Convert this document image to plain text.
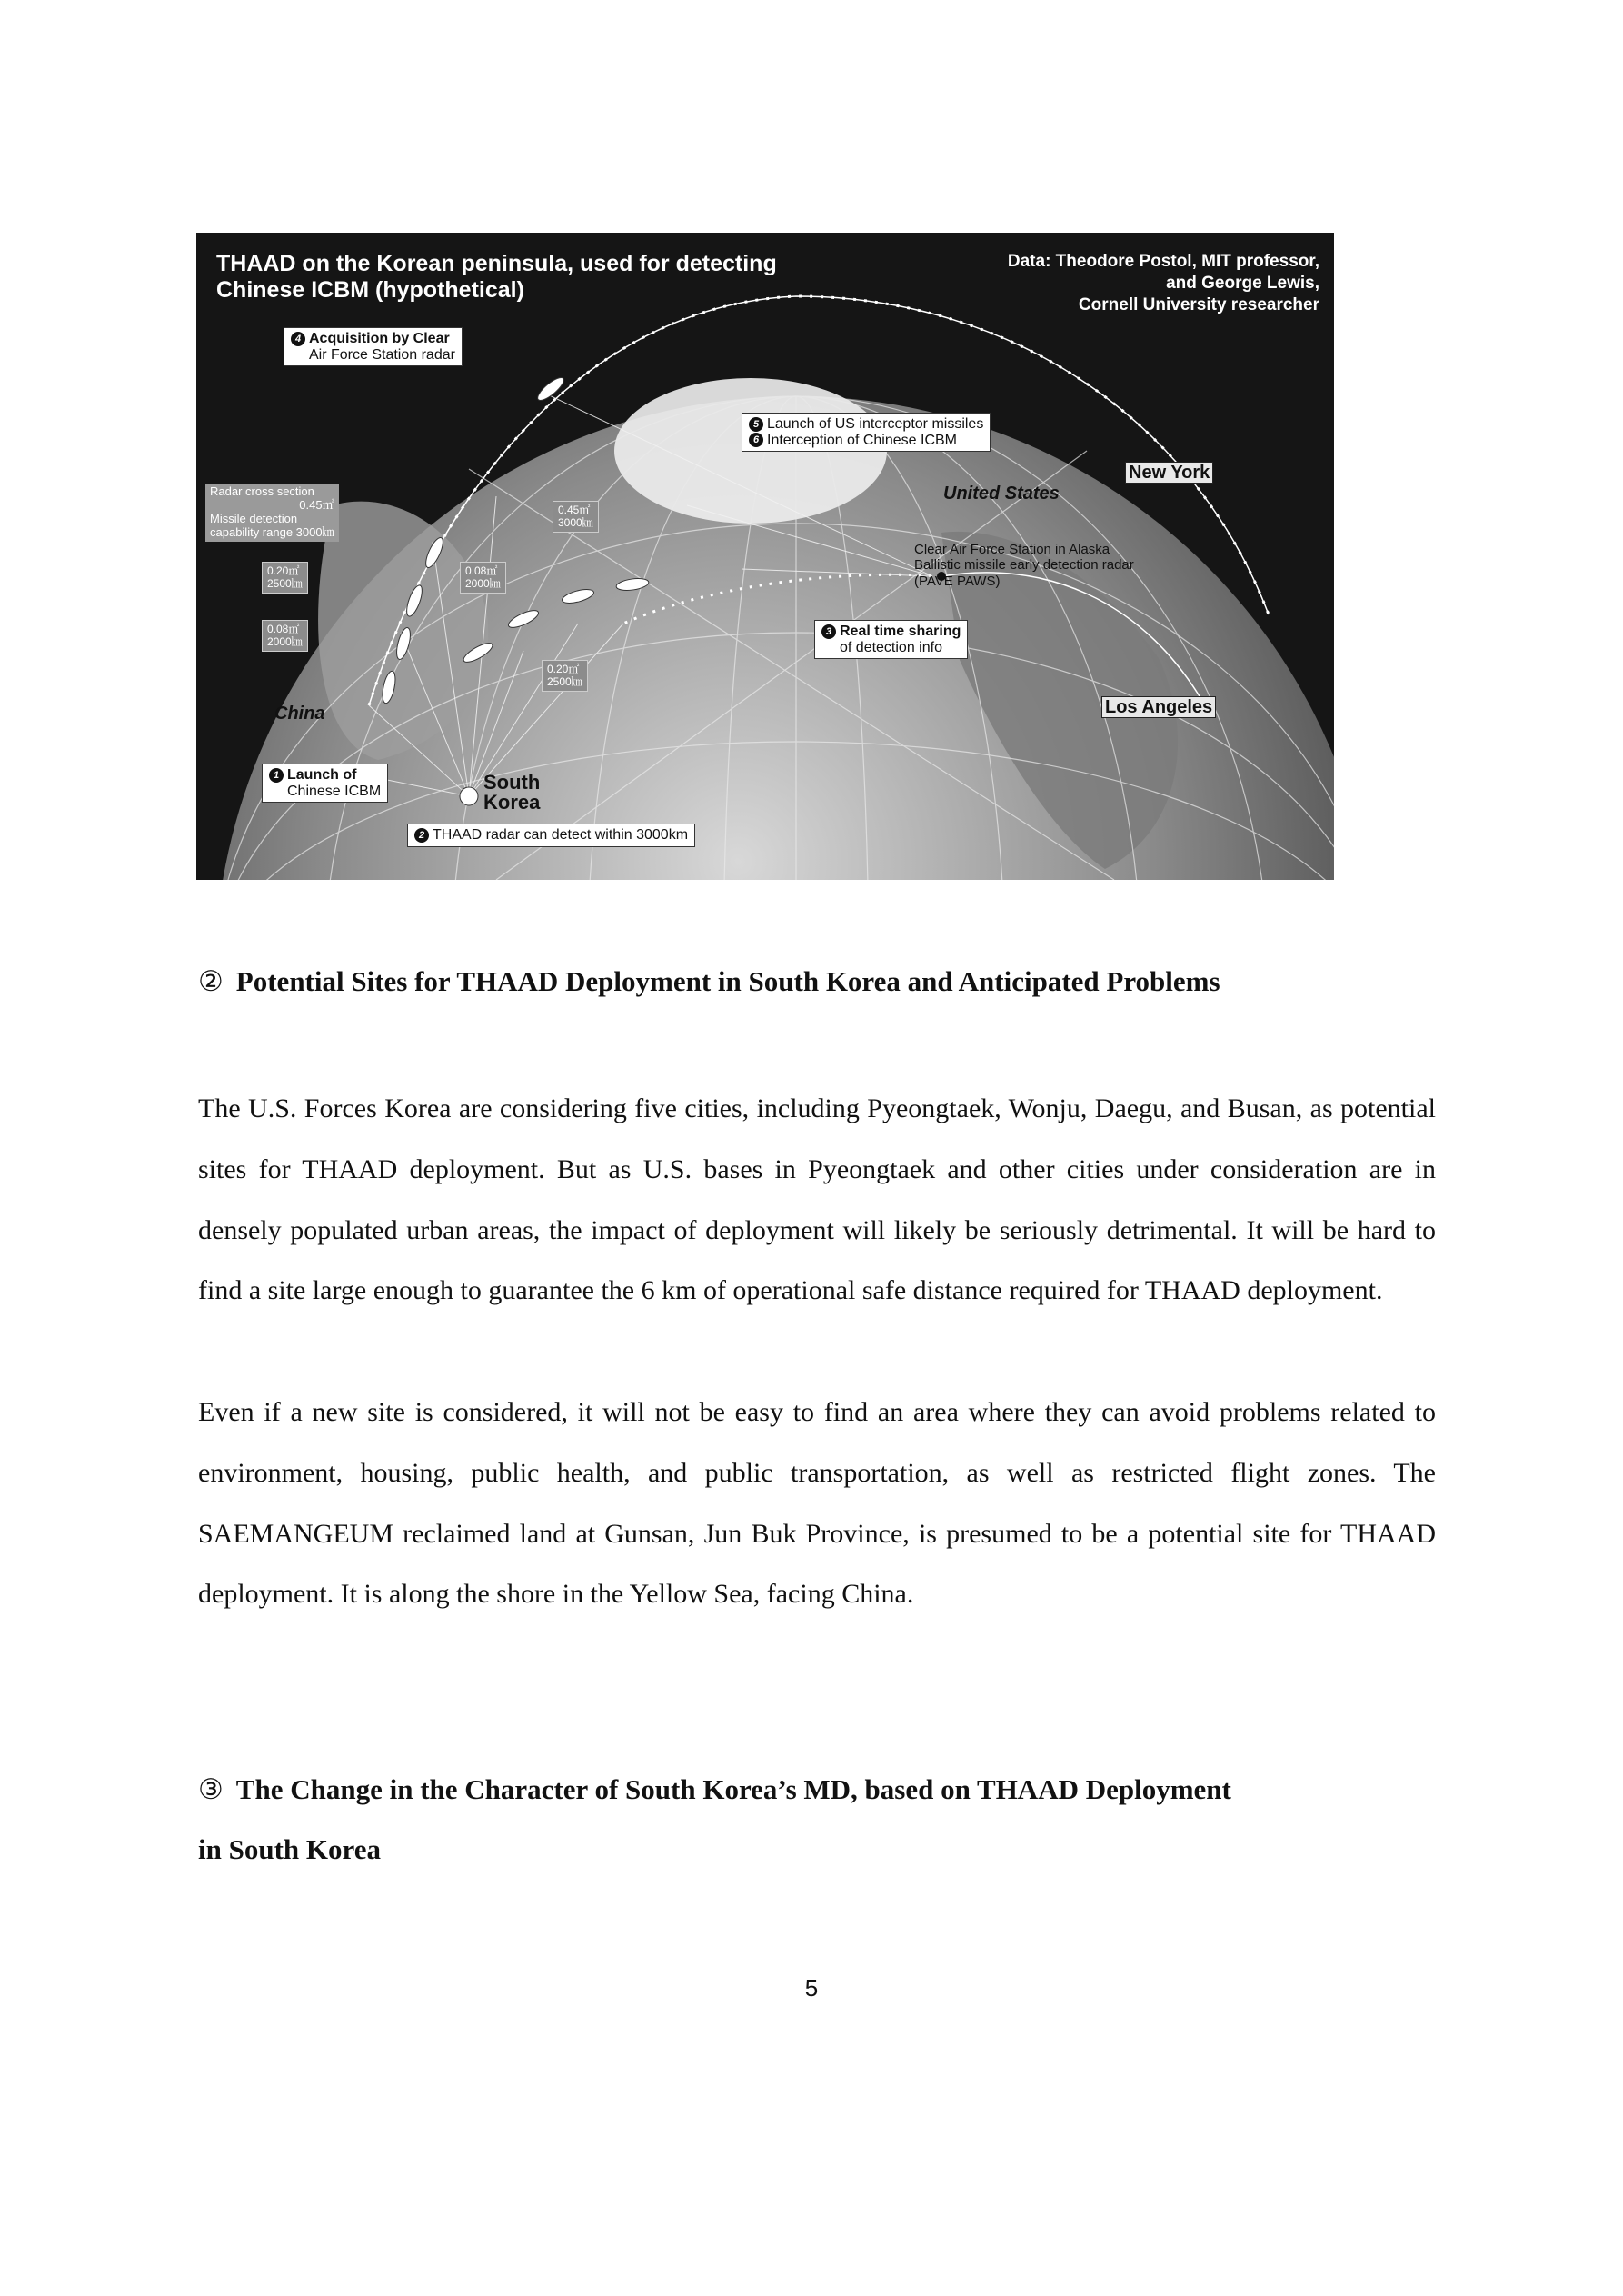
THAAD on the Korean peninsula, used for detecting
Chinese ICBM (hypothetical)
Data: Theodore Postol, MIT professor,
and George Lewis,
Cornell University researcher
4 Acquisition by Clear
Air Force Station radar
5 Launch of US interceptor missiles
6 Interception of Chinese ICBM
Radar cross section
0.45㎡
Missile detection
capability range 3000㎞
0.20㎡
2500㎞
0.08㎡
2000㎞
0.08㎡
2000㎞
0.45㎡
3000㎞
0.20㎡
2500㎞
Clear Air Force Station in Alaska
Ballistic missile early detection radar
(PAVE PAWS)
3 Real time sharing
of detection info
United States
New York
Los Angeles
China
South
Korea
1 Launch of
Chinese ICBM
2 THAAD radar can detect within 3000km
② Potential Sites for THAAD Deployment in South Korea and Anticipated Problems

The U.S. Forces Korea are considering five cities, including Pyeongtaek, Wonju, Daegu, and Busan, as potential sites for THAAD deployment. But as U.S. bases in Pyeongtaek and other cities under consideration are in densely populated urban areas, the impact of deployment will likely be seriously detrimental. It will be hard to find a site large enough to guarantee the 6 km of operational safe distance required for THAAD deployment.

Even if a new site is considered, it will not be easy to find an area where they can avoid problems related to environment, housing, public health, and public transportation, as well as restricted flight zones. The SAEMANGEUM reclaimed land at Gunsan, Jun Buk Province, is presumed to be a potential site for THAAD deployment. It is along the shore in the Yellow Sea, facing China.

③ The Change in the Character of South Korea’s MD, based on THAAD Deployment
in South Korea
5
